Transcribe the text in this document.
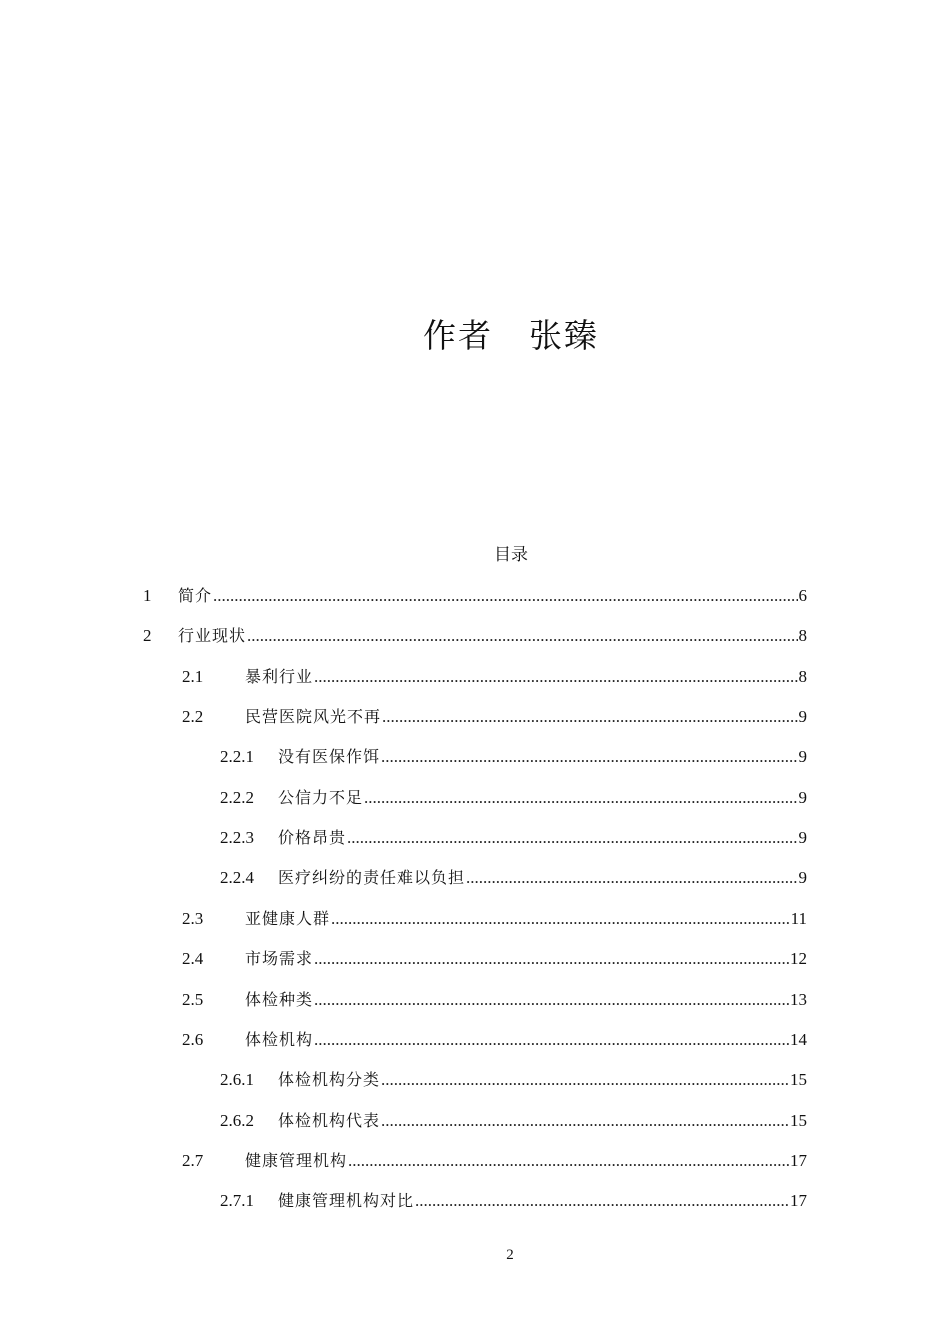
作者 张臻
目录
1	简介 .....	6
2	行业现状 .....	8
2.1	暴利行业 .....	8
2.2	民营医院风光不再 .....	9
2.2.1	没有医保作饵 .....	9
2.2.2	公信力不足 .....	9
2.2.3	价格昂贵 .....	9
2.2.4	医疗纠纷的责任难以负担 .....	9
2.3	亚健康人群 .....	11
2.4	市场需求 .....	12
2.5	体检种类 .....	13
2.6	体检机构 .....	14
2.6.1	体检机构分类 .....	15
2.6.2	体检机构代表 .....	15
2.7	健康管理机构 .....	17
2.7.1	健康管理机构对比 .....	17
2
